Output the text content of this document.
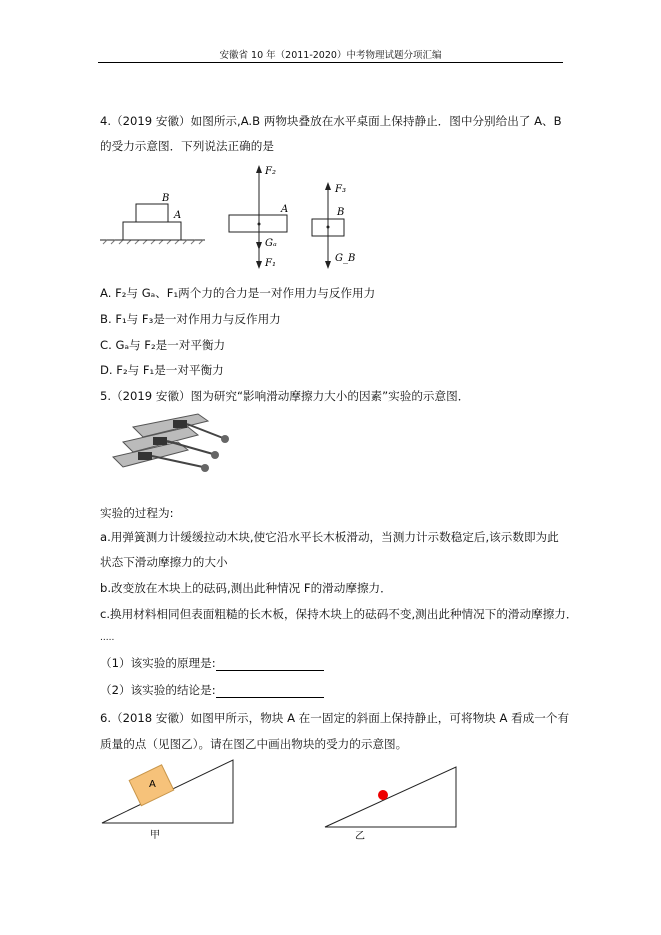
安徽省 10 年（2011-2020）中考物理试题分项汇编
4.（2019 安徽）如图所示,A.B 两物块叠放在水平桌面上保持静止．图中分别给出了 A、B
的受力示意图．下列说法正确的是
B
A
F₂
A
Gₐ
F₁
F₃
B
G_B
A. F₂与 Gₐ、F₁两个力的合力是一对作用力与反作用力
B. F₁与 F₃是一对作用力与反作用力
C. Gₐ与 F₂是一对平衡力
D. F₂与 F₁是一对平衡力
5.（2019 安徽）图为研究“影响滑动摩擦力大小的因素”实验的示意图．
实验的过程为:
a.用弹簧测力计缓缓拉动木块,使它沿水平长木板滑动，当测力计示数稳定后,该示数即为此
状态下滑动摩擦力的大小
b.改变放在木块上的砝码,测出此种情况 F的滑动摩擦力．
c.换用材料相同但表面粗糙的长木板，保持木块上的砝码不变,测出此种情况下的滑动摩擦力．
.....
（1）该实验的原理是:
（2）该实验的结论是:
6.（2018 安徽）如图甲所示，物块 A 在一固定的斜面上保持静止，可将物块 A 看成一个有
质量的点（见图乙）。请在图乙中画出物块的受力的示意图。
A
甲	乙
